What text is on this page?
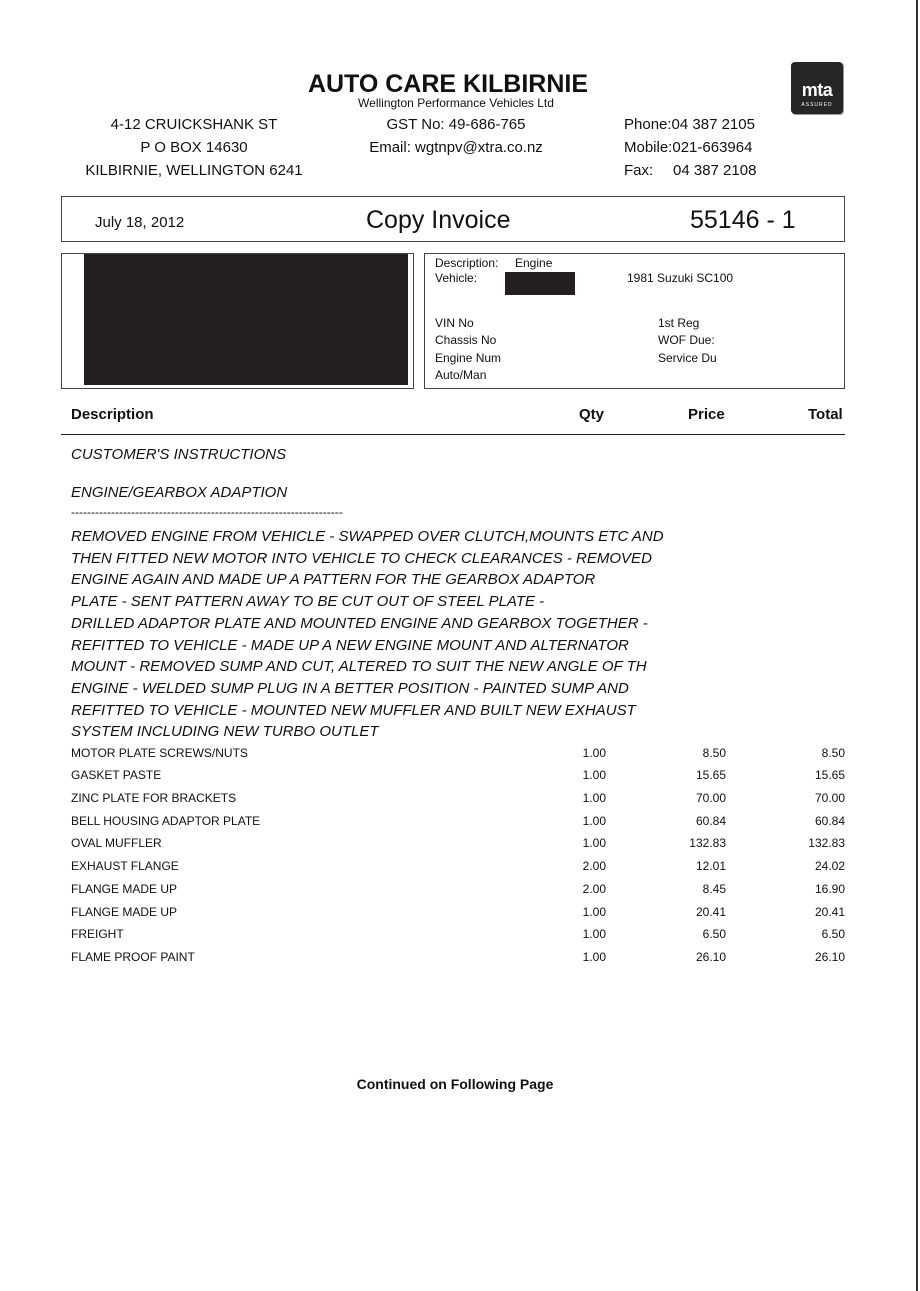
AUTO CARE KILBIRNIE
Wellington Performance Vehicles Ltd
mta
ASSURED
4-12 CRUICKSHANK ST
P O BOX 14630
KILBIRNIE, WELLINGTON 6241
GST No: 49-686-765
Email: wgtnpv@xtra.co.nz
Phone:04 387 2105
Mobile:021-663964
Fax: 04 387 2108
July 18, 2012	Copy Invoice	55146 - 1
Description: Engine
Vehicle:	1981 Suzuki SC100
VIN No
Chassis No
Engine Num
Auto/Man
1st Reg
WOF Due:
Service Du
Description	Qty	Price	Total
CUSTOMER'S INSTRUCTIONS
ENGINE/GEARBOX ADAPTION
--------------------------------------------------------------------
REMOVED ENGINE FROM VEHICLE - SWAPPED OVER CLUTCH,MOUNTS ETC AND
THEN FITTED NEW MOTOR INTO VEHICLE TO CHECK CLEARANCES - REMOVED
ENGINE AGAIN AND MADE UP A PATTERN FOR THE GEARBOX ADAPTOR
PLATE - SENT PATTERN AWAY TO BE CUT OUT OF STEEL PLATE -
DRILLED ADAPTOR PLATE AND MOUNTED ENGINE AND GEARBOX TOGETHER -
REFITTED TO VEHICLE - MADE UP A NEW ENGINE MOUNT AND ALTERNATOR
MOUNT - REMOVED SUMP AND CUT, ALTERED TO SUIT THE NEW ANGLE OF TH
ENGINE - WELDED SUMP PLUG IN A BETTER POSITION - PAINTED SUMP AND
REFITTED TO VEHICLE - MOUNTED NEW MUFFLER AND BUILT NEW EXHAUST
SYSTEM INCLUDING NEW TURBO OUTLET
MOTOR PLATE SCREWS/NUTS	1.00	8.50	8.50
GASKET PASTE	1.00	15.65	15.65
ZINC PLATE FOR BRACKETS	1.00	70.00	70.00
BELL HOUSING ADAPTOR PLATE	1.00	60.84	60.84
OVAL MUFFLER	1.00	132.83	132.83
EXHAUST FLANGE	2.00	12.01	24.02
FLANGE MADE UP	2.00	8.45	16.90
FLANGE MADE UP	1.00	20.41	20.41
FREIGHT	1.00	6.50	6.50
FLAME PROOF PAINT	1.00	26.10	26.10
Continued on Following Page
